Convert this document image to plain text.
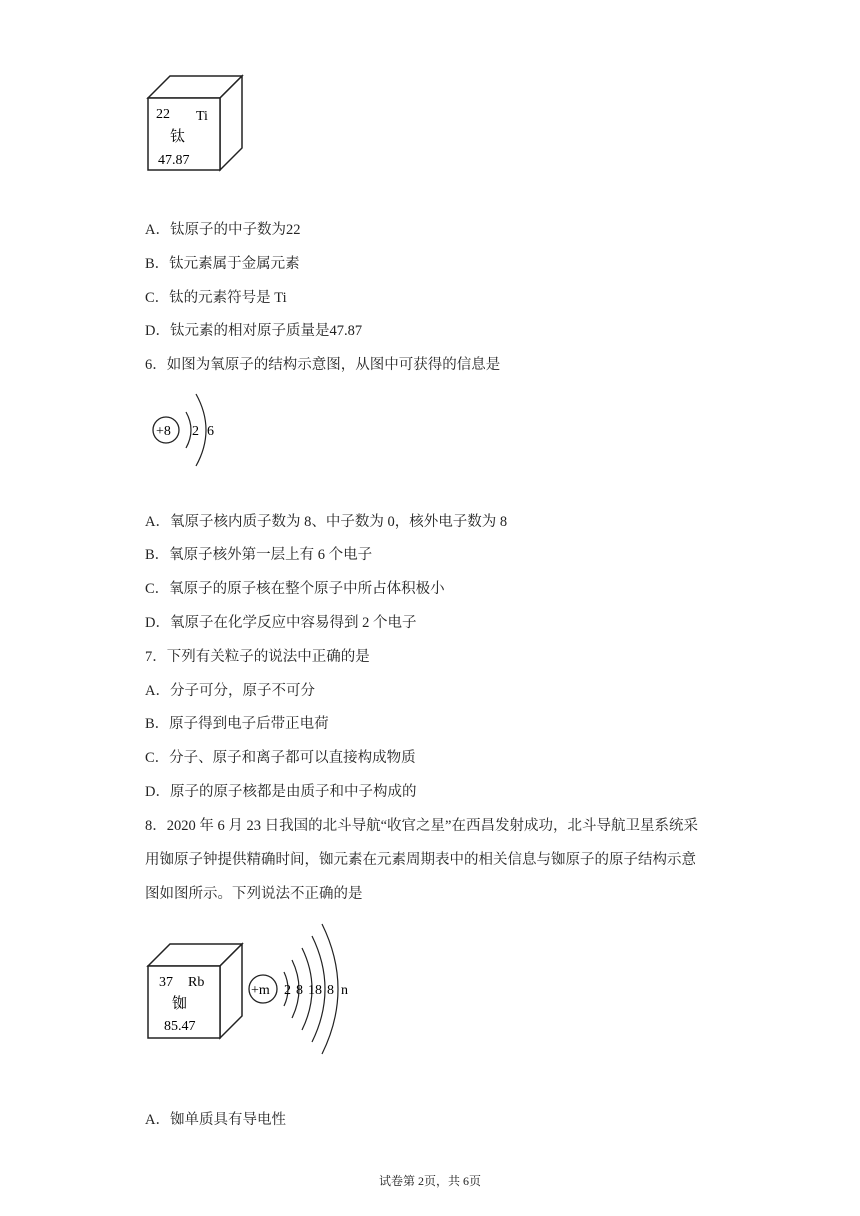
22 Ti
钛
47.87
A．钛原子的中子数为22
B．钛元素属于金属元素
C．钛的元素符号是 Ti
D．钛元素的相对原子质量是47.87
6．如图为氧原子的结构示意图，从图中可获得的信息是
+8 2 6
A．氧原子核内质子数为 8、中子数为 0，核外电子数为 8
B．氧原子核外第一层上有 6 个电子
C．氧原子的原子核在整个原子中所占体积极小
D．氧原子在化学反应中容易得到 2 个电子
7．下列有关粒子的说法中正确的是
A．分子可分，原子不可分
B．原子得到电子后带正电荷
C．分子、原子和离子都可以直接构成物质
D．原子的原子核都是由质子和中子构成的
8．2020 年 6 月 23 日我国的北斗导航“收官之星”在西昌发射成功，北斗导航卫星系统采
用铷原子钟提供精确时间，铷元素在元素周期表中的相关信息与铷原子的原子结构示意
图如图所示。下列说法不正确的是
37 Rb
铷
85.47
+m 2 8 18 8 n
A．铷单质具有导电性
试卷第 2页，共 6页
